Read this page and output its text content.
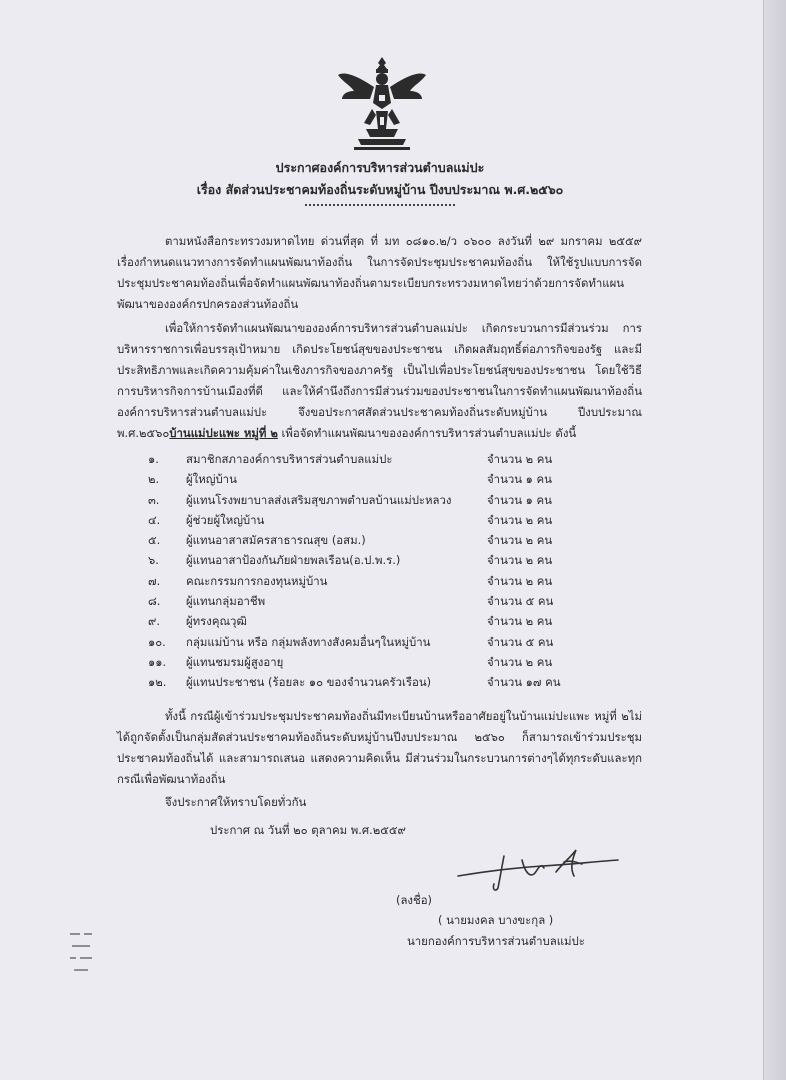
ประกาศองค์การบริหารส่วนตำบลแม่ปะ
เรื่อง สัดส่วนประชาคมท้องถิ่นระดับหมู่บ้าน ปีงบประมาณ พ.ศ.๒๕๖๐
ตามหนังสือกระทรวงมหาดไทย ด่วนที่สุด ที่ มท ๐๘๑๐.๒/ว ๐๖๐๐ ลงวันที่ ๒๙ มกราคม ๒๕๕๙ เรื่องกำหนดแนวทางการจัดทำแผนพัฒนาท้องถิ่น ในการจัดประชุมประชาคมท้องถิ่น ให้ใช้รูปแบบการจัดประชุมประชาคมท้องถิ่นเพื่อจัดทำแผนพัฒนาท้องถิ่นตามระเบียบกระทรวงมหาดไทยว่าด้วยการจัดทำแผนพัฒนาขององค์กรปกครองส่วนท้องถิ่น
เพื่อให้การจัดทำแผนพัฒนาขององค์การบริหารส่วนตำบลแม่ปะ เกิดกระบวนการมีส่วนร่วม การบริหารราชการเพื่อบรรลุเป้าหมาย เกิดประโยชน์สุขของประชาชน เกิดผลสัมฤทธิ์ต่อภารกิจของรัฐ และมีประสิทธิภาพและเกิดความคุ้มค่าในเชิงภารกิจของภาครัฐ เป็นไปเพื่อประโยชน์สุขของประชาชน โดยใช้วิธีการบริหารกิจการบ้านเมืองที่ดี และให้คำนึงถึงการมีส่วนร่วมของประชาชนในการจัดทำแผนพัฒนาท้องถิ่น องค์การบริหารส่วนตำบลแม่ปะ จึงขอประกาศสัดส่วนประชาคมท้องถิ่นระดับหมู่บ้าน ปีงบประมาณ พ.ศ.๒๕๖๐บ้านแม่ปะแพะ หมู่ที่ ๒ เพื่อจัดทำแผนพัฒนาขององค์การบริหารส่วนตำบลแม่ปะ ดังนี้
๑. สมาชิกสภาองค์การบริหารส่วนตำบลแม่ปะ	จำนวน ๒ คน
๒. ผู้ใหญ่บ้าน	จำนวน ๑ คน
๓. ผู้แทนโรงพยาบาลส่งเสริมสุขภาพตำบลบ้านแม่ปะหลวง	จำนวน ๑ คน
๔. ผู้ช่วยผู้ใหญ่บ้าน	จำนวน ๒ คน
๕. ผู้แทนอาสาสมัครสาธารณสุข (อสม.)	จำนวน ๒ คน
๖. ผู้แทนอาสาป้องกันภัยฝ่ายพลเรือน(อ.ป.พ.ร.)	จำนวน ๒ คน
๗. คณะกรรมการกองทุนหมู่บ้าน	จำนวน ๒ คน
๘. ผู้แทนกลุ่มอาชีพ	จำนวน ๕ คน
๙. ผู้ทรงคุณวุฒิ	จำนวน ๒ คน
๑๐. กลุ่มแม่บ้าน หรือ กลุ่มพลังทางสังคมอื่นๆในหมู่บ้าน	จำนวน ๕ คน
๑๑. ผู้แทนชมรมผู้สูงอายุ	จำนวน ๒ คน
๑๒. ผู้แทนประชาชน (ร้อยละ ๑๐ ของจำนวนครัวเรือน)	จำนวน ๑๗ คน
ทั้งนี้ กรณีผู้เข้าร่วมประชุมประชาคมท้องถิ่นมีทะเบียนบ้านหรืออาศัยอยู่ในบ้านแม่ปะแพะ หมู่ที่ ๒ไม่ได้ถูกจัดตั้งเป็นกลุ่มสัดส่วนประชาคมท้องถิ่นระดับหมู่บ้านปีงบประมาณ ๒๕๖๐ ก็สามารถเข้าร่วมประชุมประชาคมท้องถิ่นได้ และสามารถเสนอ แสดงความคิดเห็น มีส่วนร่วมในกระบวนการต่างๆได้ทุกระดับและทุกกรณีเพื่อพัฒนาท้องถิ่น
จึงประกาศให้ทราบโดยทั่วกัน
ประกาศ ณ วันที่ ๒๐ ตุลาคม พ.ศ.๒๕๕๙
(ลงชื่อ)
( นายมงคล บางขะกุล )
นายกองค์การบริหารส่วนตำบลแม่ปะ
